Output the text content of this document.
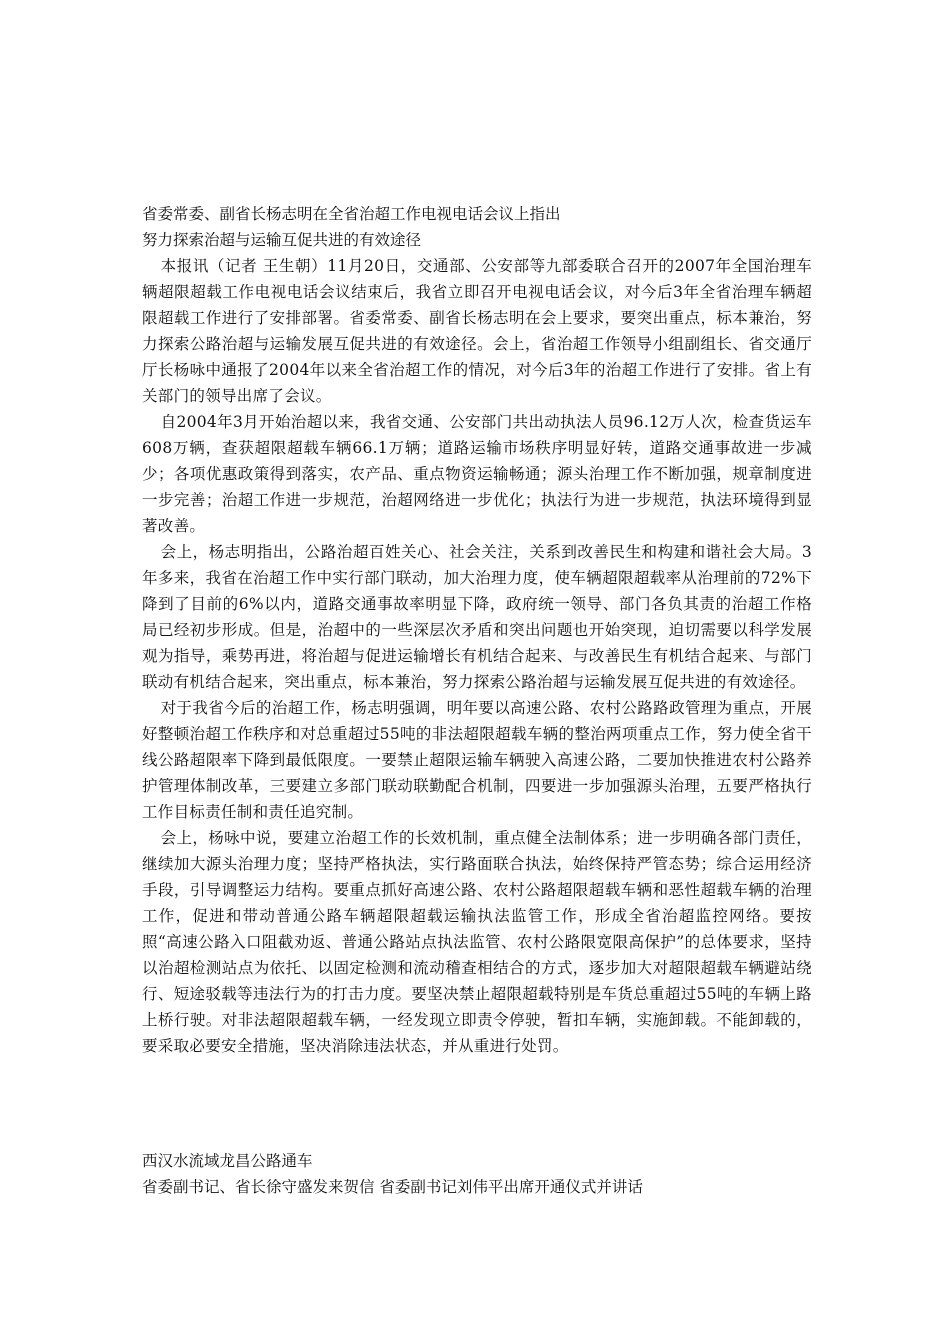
省委常委、副省长杨志明在全省治超工作电视电话会议上指出

努力探索治超与运输互促共进的有效途径

本报讯（记者 王生朝）11月20日，交通部、公安部等九部委联合召开的2007年全国治理车辆超限超载工作电视电话会议结束后，我省立即召开电视电话会议，对今后3年全省治理车辆超限超载工作进行了安排部署。省委常委、副省长杨志明在会上要求，要突出重点，标本兼治，努力探索公路治超与运输发展互促共进的有效途径。会上，省治超工作领导小组副组长、省交通厅厅长杨咏中通报了2004年以来全省治超工作的情况，对今后3年的治超工作进行了安排。省上有关部门的领导出席了会议。

自2004年3月开始治超以来，我省交通、公安部门共出动执法人员96.12万人次，检查货运车608万辆，查获超限超载车辆66.1万辆；道路运输市场秩序明显好转，道路交通事故进一步减少；各项优惠政策得到落实，农产品、重点物资运输畅通；源头治理工作不断加强，规章制度进一步完善；治超工作进一步规范，治超网络进一步优化；执法行为进一步规范，执法环境得到显著改善。

会上，杨志明指出，公路治超百姓关心、社会关注，关系到改善民生和构建和谐社会大局。3年多来，我省在治超工作中实行部门联动，加大治理力度，使车辆超限超载率从治理前的72%下降到了目前的6%以内，道路交通事故率明显下降，政府统一领导、部门各负其责的治超工作格局已经初步形成。但是，治超中的一些深层次矛盾和突出问题也开始突现，迫切需要以科学发展观为指导，乘势再进，将治超与促进运输增长有机结合起来、与改善民生有机结合起来、与部门联动有机结合起来，突出重点，标本兼治，努力探索公路治超与运输发展互促共进的有效途径。

对于我省今后的治超工作，杨志明强调，明年要以高速公路、农村公路路政管理为重点，开展好整顿治超工作秩序和对总重超过55吨的非法超限超载车辆的整治两项重点工作，努力使全省干线公路超限率下降到最低限度。一要禁止超限运输车辆驶入高速公路，二要加快推进农村公路养护管理体制改革，三要建立多部门联动联勤配合机制，四要进一步加强源头治理，五要严格执行工作目标责任制和责任追究制。

会上，杨咏中说，要建立治超工作的长效机制，重点健全法制体系；进一步明确各部门责任，继续加大源头治理力度；坚持严格执法，实行路面联合执法，始终保持严管态势；综合运用经济手段，引导调整运力结构。要重点抓好高速公路、农村公路超限超载车辆和恶性超载车辆的治理工作，促进和带动普通公路车辆超限超载运输执法监管工作，形成全省治超监控网络。要按照“高速公路入口阻截劝返、普通公路站点执法监管、农村公路限宽限高保护”的总体要求，坚持以治超检测站点为依托、以固定检测和流动稽查相结合的方式，逐步加大对超限超载车辆避站绕行、短途驳载等违法行为的打击力度。要坚决禁止超限超载特别是车货总重超过55吨的车辆上路上桥行驶。对非法超限超载车辆，一经发现立即责令停驶，暂扣车辆，实施卸载。不能卸载的，要采取必要安全措施，坚决消除违法状态，并从重进行处罚。

西汉水流域龙昌公路通车

省委副书记、省长徐守盛发来贺信 省委副书记刘伟平出席开通仪式并讲话
